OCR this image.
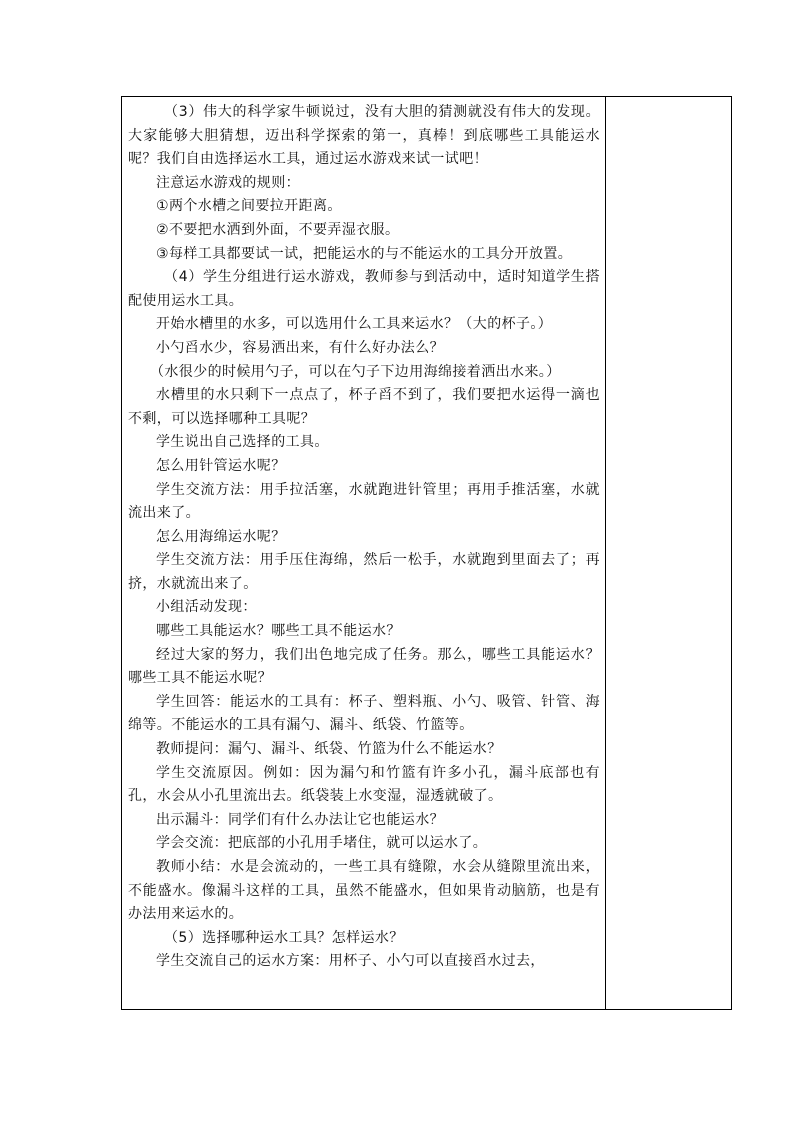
（3）伟大的科学家牛顿说过，没有大胆的猜测就没有伟大的发现。大家能够大胆猜想，迈出科学探索的第一，真棒！到底哪些工具能运水呢？我们自由选择运水工具，通过运水游戏来试一试吧！

注意运水游戏的规则：

①两个水槽之间要拉开距离。

②不要把水洒到外面，不要弄湿衣服。

③每样工具都要试一试，把能运水的与不能运水的工具分开放置。

（4）学生分组进行运水游戏，教师参与到活动中，适时知道学生搭配使用运水工具。

开始水槽里的水多，可以选用什么工具来运水？（大的杯子。）

小勺舀水少，容易洒出来，有什么好办法么？

（水很少的时候用勺子，可以在勺子下边用海绵接着洒出水来。）

水槽里的水只剩下一点点了，杯子舀不到了，我们要把水运得一滴也不剩，可以选择哪种工具呢？

学生说出自己选择的工具。

怎么用针管运水呢？

学生交流方法：用手拉活塞，水就跑进针管里；再用手推活塞，水就流出来了。

怎么用海绵运水呢？

学生交流方法：用手压住海绵，然后一松手，水就跑到里面去了；再挤，水就流出来了。

小组活动发现：

哪些工具能运水？哪些工具不能运水？

经过大家的努力，我们出色地完成了任务。那么，哪些工具能运水？哪些工具不能运水呢？

学生回答：能运水的工具有：杯子、塑料瓶、小勺、吸管、针管、海绵等。不能运水的工具有漏勺、漏斗、纸袋、竹篮等。

教师提问：漏勺、漏斗、纸袋、竹篮为什么不能运水？

学生交流原因。例如：因为漏勺和竹篮有许多小孔，漏斗底部也有孔，水会从小孔里流出去。纸袋装上水变湿，湿透就破了。

出示漏斗：同学们有什么办法让它也能运水？

学会交流：把底部的小孔用手堵住，就可以运水了。

教师小结：水是会流动的，一些工具有缝隙，水会从缝隙里流出来，不能盛水。像漏斗这样的工具，虽然不能盛水，但如果肯动脑筋，也是有办法用来运水的。

（5）选择哪种运水工具？怎样运水？

学生交流自己的运水方案：用杯子、小勺可以直接舀水过去，
